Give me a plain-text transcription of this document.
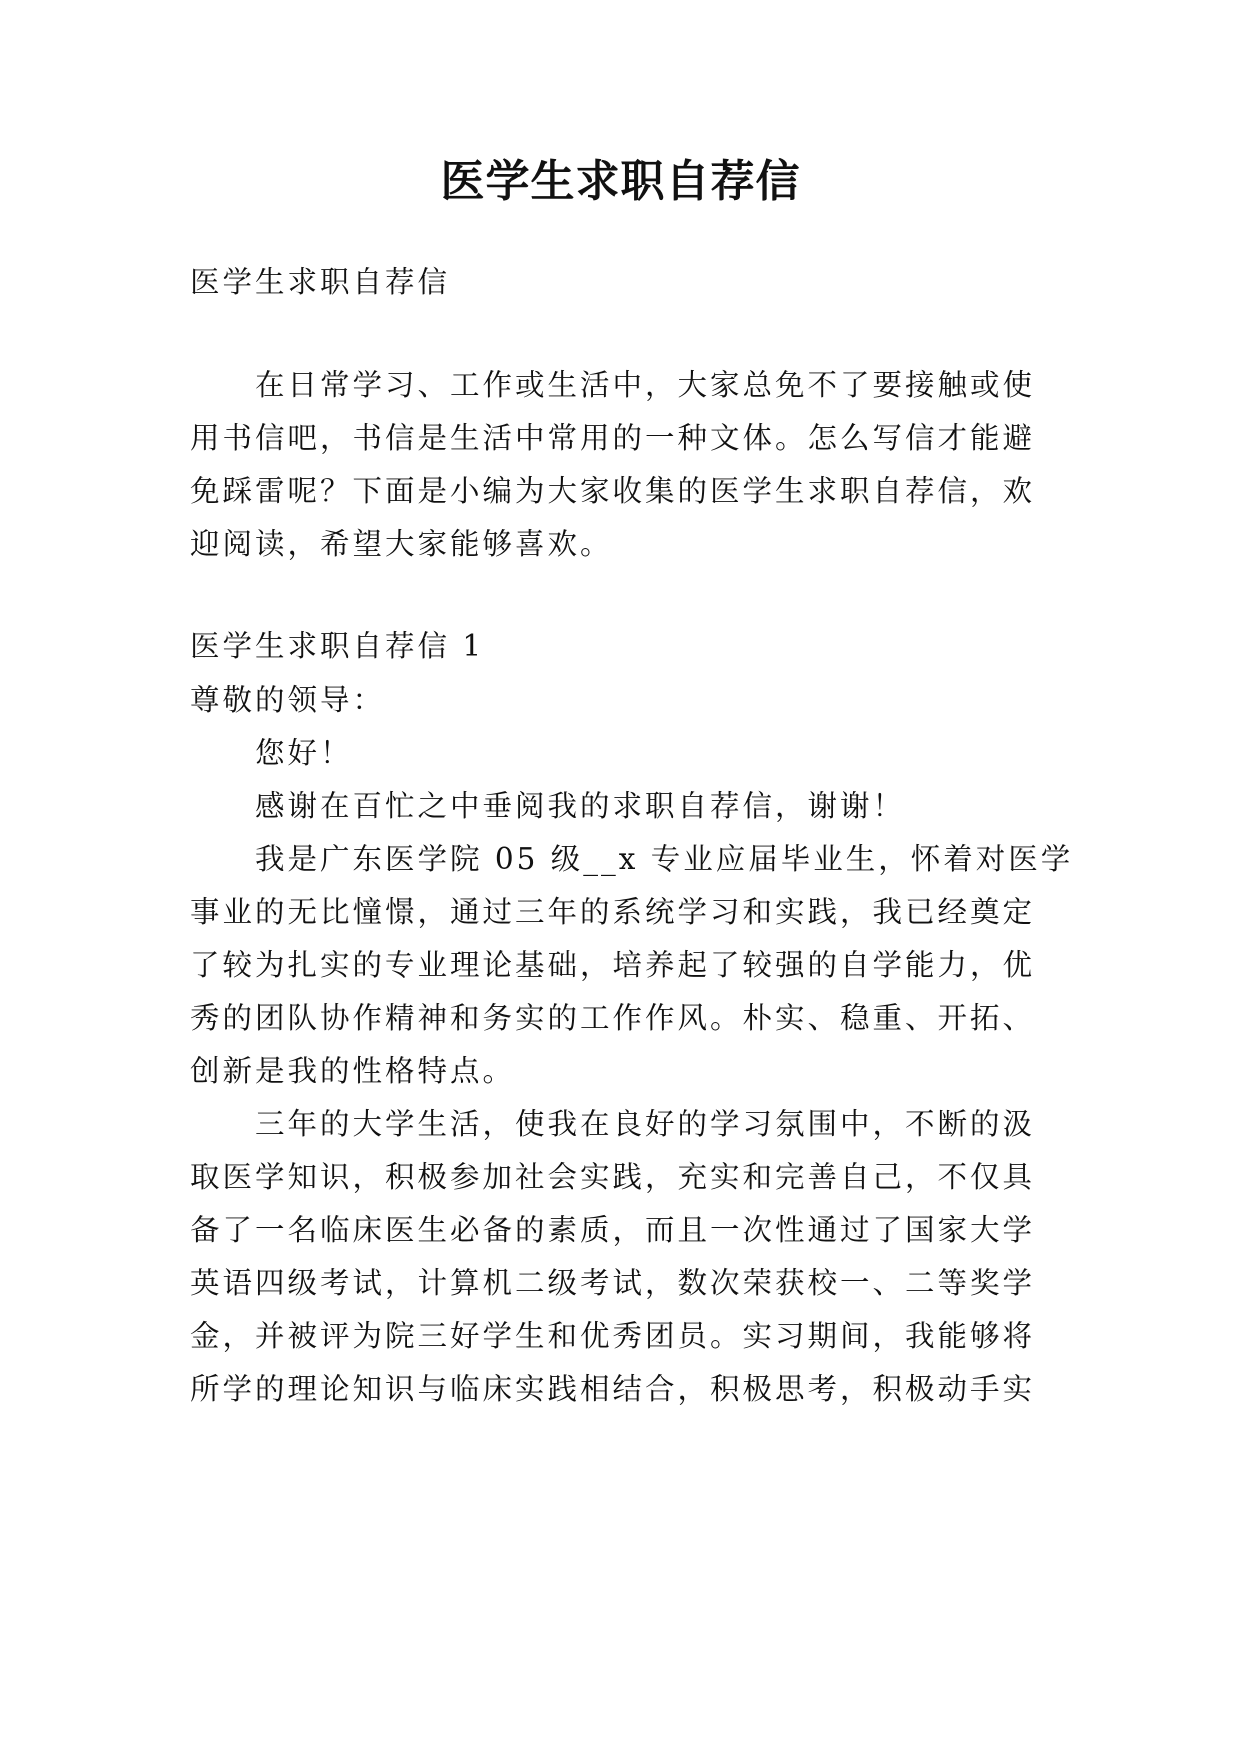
医学生求职自荐信
医学生求职自荐信
在日常学习、工作或生活中，大家总免不了要接触或使
用书信吧，书信是生活中常用的一种文体。怎么写信才能避
免踩雷呢？下面是小编为大家收集的医学生求职自荐信，欢
迎阅读，希望大家能够喜欢。
医学生求职自荐信 1
尊敬的领导：
您好！
感谢在百忙之中垂阅我的求职自荐信，谢谢！
我是广东医学院 05 级__x 专业应届毕业生，怀着对医学
事业的无比憧憬，通过三年的系统学习和实践，我已经奠定
了较为扎实的专业理论基础，培养起了较强的自学能力，优
秀的团队协作精神和务实的工作作风。朴实、稳重、开拓、
创新是我的性格特点。
三年的大学生活，使我在良好的学习氛围中，不断的汲
取医学知识，积极参加社会实践，充实和完善自己，不仅具
备了一名临床医生必备的素质，而且一次性通过了国家大学
英语四级考试，计算机二级考试，数次荣获校一、二等奖学
金，并被评为院三好学生和优秀团员。实习期间，我能够将
所学的理论知识与临床实践相结合，积极思考，积极动手实
